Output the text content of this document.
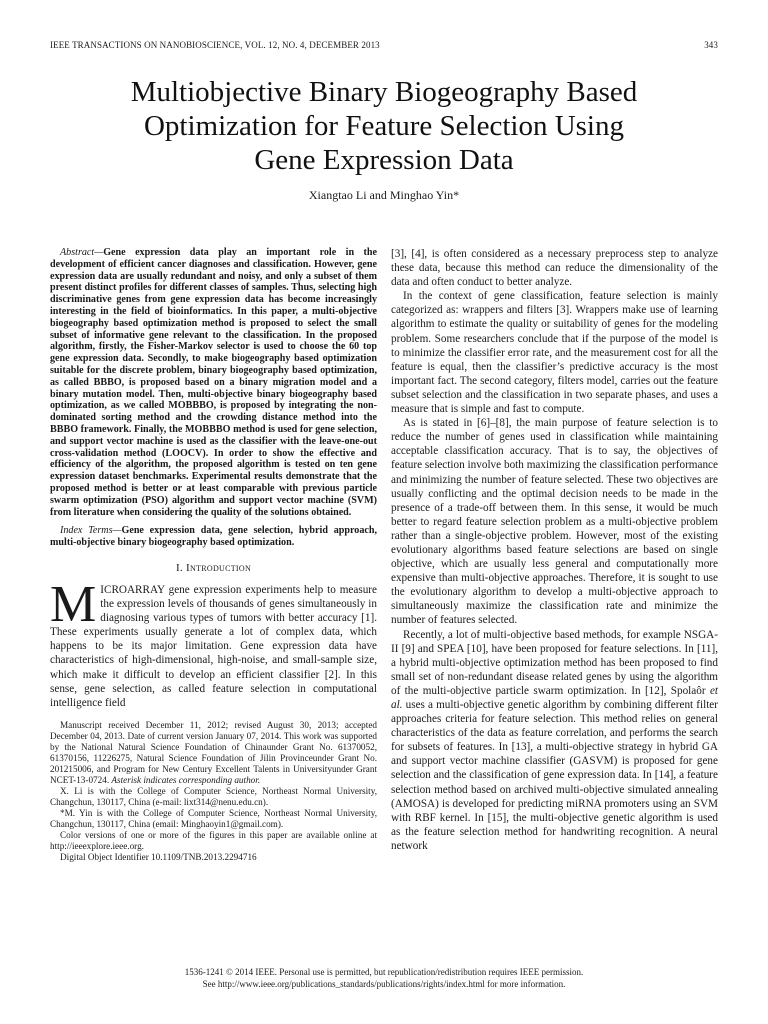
IEEE TRANSACTIONS ON NANOBIOSCIENCE, VOL. 12, NO. 4, DECEMBER 2013	343
Multiobjective Binary Biogeography Based
Optimization for Feature Selection Using
Gene Expression Data
Xiangtao Li and Minghao Yin*

Abstract—Gene expression data play an important role in the development of efficient cancer diagnoses and classification. However, gene expression data are usually redundant and noisy, and only a subset of them present distinct profiles for different classes of samples. Thus, selecting high discriminative genes from gene expression data has become increasingly interesting in the field of bioinformatics. In this paper, a multi-objective biogeography based optimization method is proposed to select the small subset of informative gene relevant to the classification. In the proposed algorithm, firstly, the Fisher-Markov selector is used to choose the 60 top gene expression data. Secondly, to make biogeography based optimization suitable for the discrete problem, binary biogeography based optimization, as called BBBO, is proposed based on a binary migration model and a binary mutation model. Then, multi-objective binary biogeography based optimization, as we called MOBBBO, is proposed by integrating the non-dominated sorting method and the crowding distance method into the BBBO framework. Finally, the MOBBBO method is used for gene selection, and support vector machine is used as the classifier with the leave-one-out cross-validation method (LOOCV). In order to show the effective and efficiency of the algorithm, the proposed algorithm is tested on ten gene expression dataset benchmarks. Experimental results demonstrate that the proposed method is better or at least comparable with previous particle swarm optimization (PSO) algorithm and support vector machine (SVM) from literature when considering the quality of the solutions obtained.

Index Terms—Gene expression data, gene selection, hybrid approach, multi-objective binary biogeography based optimization.

I. Introduction

MICROARRAY gene expression experiments help to measure the expression levels of thousands of genes simultaneously in diagnosing various types of tumors with better accuracy [1]. These experiments usually generate a lot of complex data, which happens to be its major limitation. Gene expression data have characteristics of high-dimensional, high-noise, and small-sample size, which make it difficult to develop an efficient classifier [2]. In this sense, gene selection, as called feature selection in computational intelligence field

Manuscript received December 11, 2012; revised August 30, 2013; accepted December 04, 2013. Date of current version January 07, 2014. This work was supported by the National Natural Science Foundation of Chinaunder Grant No. 61370052, 61370156, 11226275, Natural Science Foundation of Jilin Provinceunder Grant No. 201215006, and Program for New Century Excellent Talents in Universityunder Grant NCET-13-0724. Asterisk indicates corresponding author.

X. Li is with the College of Computer Science, Northeast Normal University, Changchun, 130117, China (e-mail: lixt314@nenu.edu.cn).

*M. Yin is with the College of Computer Science, Northeast Normal University, Changchun, 130117, China (email: Minghaoyin1@gmail.com).

Color versions of one or more of the figures in this paper are available online at http://ieeexplore.ieee.org.

Digital Object Identifier 10.1109/TNB.2013.2294716

[3], [4], is often considered as a necessary preprocess step to analyze these data, because this method can reduce the dimensionality of the data and often conduct to better analyze.

In the context of gene classification, feature selection is mainly categorized as: wrappers and filters [3]. Wrappers make use of learning algorithm to estimate the quality or suitability of genes for the modeling problem. Some researchers conclude that if the purpose of the model is to minimize the classifier error rate, and the measurement cost for all the feature is equal, then the classifier’s predictive accuracy is the most important fact. The second category, filters model, carries out the feature subset selection and the classification in two separate phases, and uses a measure that is simple and fast to compute.

As is stated in [6]–[8], the main purpose of feature selection is to reduce the number of genes used in classification while maintaining acceptable classification accuracy. That is to say, the objectives of feature selection involve both maximizing the classification performance and minimizing the number of feature selected. These two objectives are usually conflicting and the optimal decision needs to be made in the presence of a trade-off between them. In this sense, it would be much better to regard feature selection problem as a multi-objective problem rather than a single-objective problem. However, most of the existing evolutionary algorithms based feature selections are based on single objective, which are usually less general and computationally more expensive than multi-objective approaches. Therefore, it is sought to use the evolutionary algorithm to develop a multi-objective approach to simultaneously maximize the classification rate and minimize the number of features selected.

Recently, a lot of multi-objective based methods, for example NSGA-II [9] and SPEA [10], have been proposed for feature selections. In [11], a hybrid multi-objective optimization method has been proposed to find small set of non-redundant disease related genes by using the algorithm of the multi-objective particle swarm optimization. In [12], Spolaôr et al. uses a multi-objective genetic algorithm by combining different filter approaches criteria for feature selection. This method relies on general characteristics of the data as feature correlation, and performs the search for subsets of features. In [13], a multi-objective strategy in hybrid GA and support vector machine classifier (GASVM) is proposed for gene selection and the classification of gene expression data. In [14], a feature selection method based on archived multi-objective simulated annealing (AMOSA) is developed for predicting miRNA promoters using an SVM with RBF kernel. In [15], the multi-objective genetic algorithm is used as the feature selection method for handwriting recognition. A neural network

1536-1241 © 2014 IEEE. Personal use is permitted, but republication/redistribution requires IEEE permission.
See http://www.ieee.org/publications_standards/publications/rights/index.html for more information.
